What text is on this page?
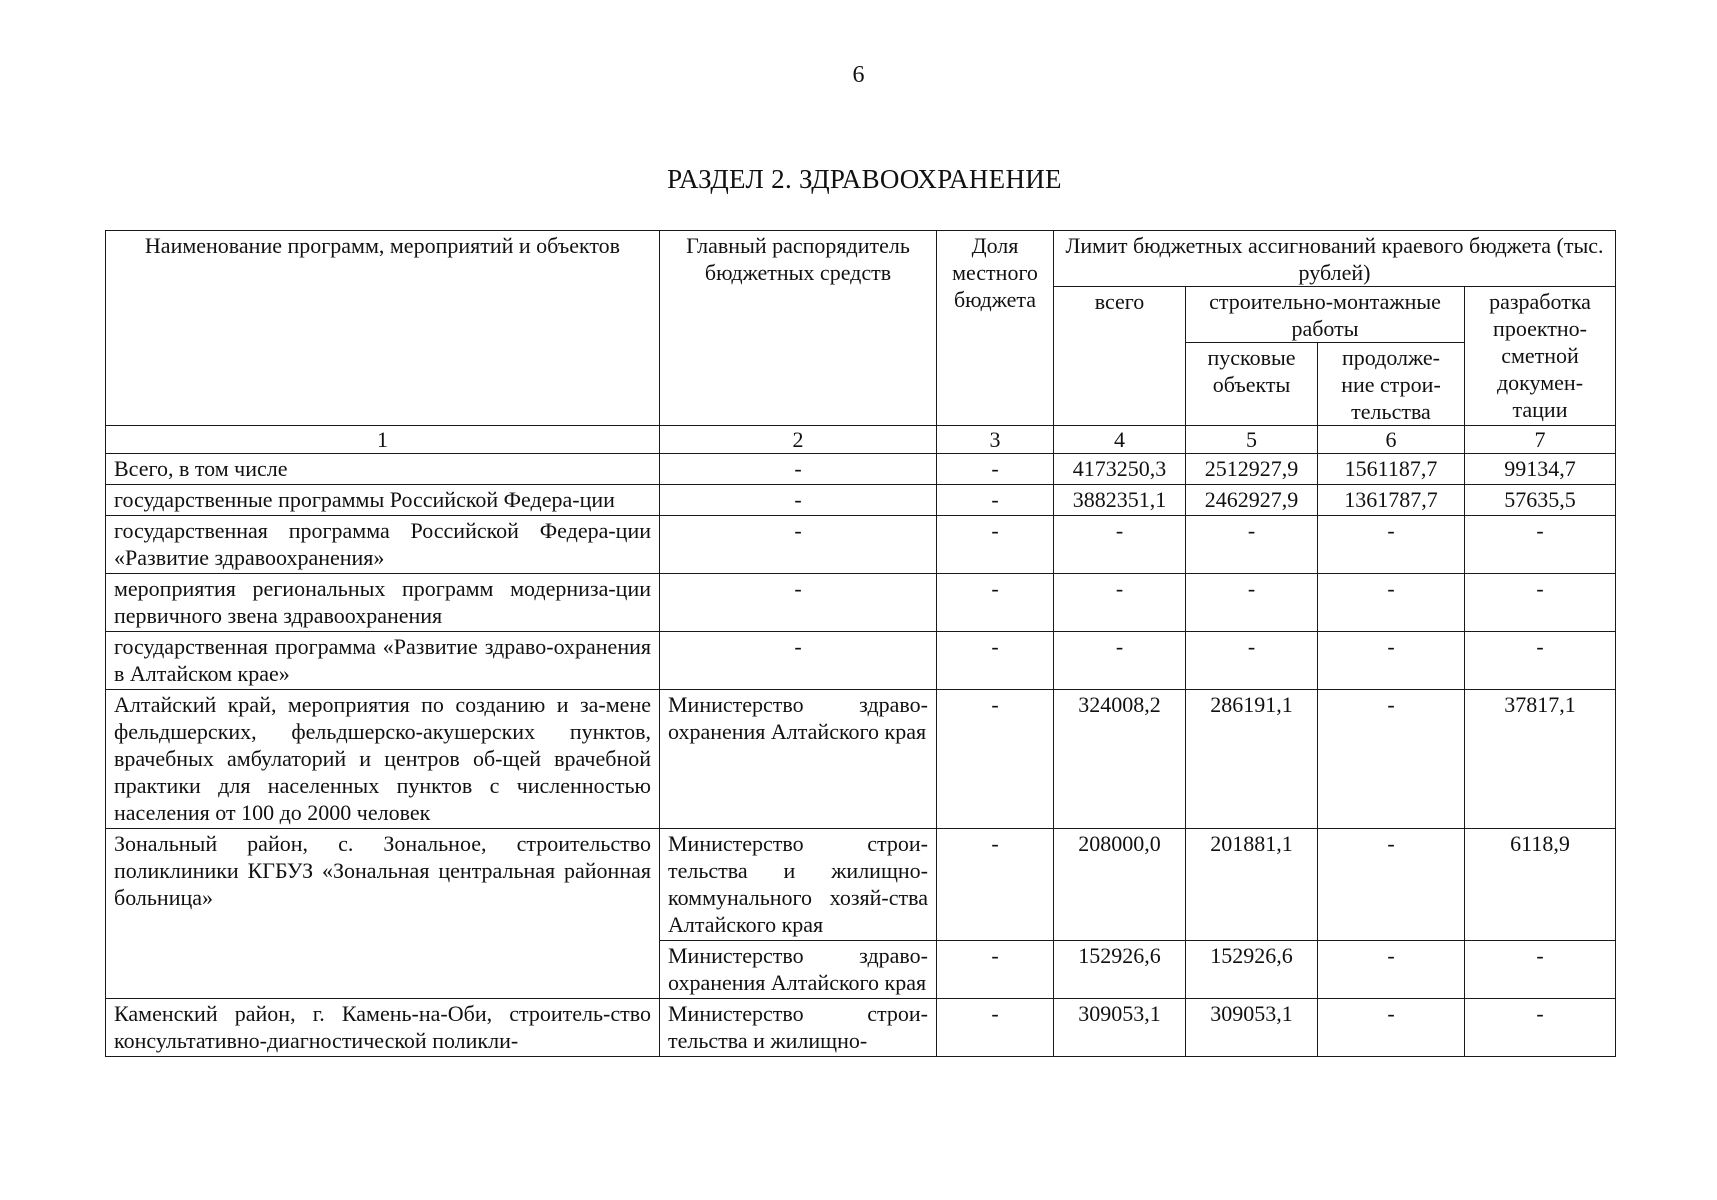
6
РАЗДЕЛ 2. ЗДРАВООХРАНЕНИЕ
Наименование программ, мероприятий и объектов	Главный распорядитель бюджетных средств	Доля местного бюджета	Лимит бюджетных ассигнований краевого бюджета (тыс. рублей)			
			всего	строительно-монтажные работы		разработка проектно-сметной докумен-тации
				пусковые объекты	продолже-ние строи-тельства	

1	2	3	4	5	6	7
Всего, в том числе	-	-	4173250,3	2512927,9	1561187,7	99134,7
государственные программы Российской Федера-ции	-	-	3882351,1	2462927,9	1361787,7	57635,5
государственная программа Российской Федера-ции «Развитие здравоохранения»	-	-	-	-	-	-
мероприятия региональных программ модерниза-ции первичного звена здравоохранения	-	-	-	-	-	-
государственная программа «Развитие здраво-охранения в Алтайском крае»	-	-	-	-	-	-
Алтайский край, мероприятия по созданию и за-мене фельдшерских, фельдшерско-акушерских пунктов, врачебных амбулаторий и центров об-щей врачебной практики для населенных пунктов с численностью населения от 100 до 2000 человек	Министерство здраво-охранения Алтайского края	-	324008,2	286191,1	-	37817,1
Зональный район, с. Зональное, строительство поликлиники КГБУЗ «Зональная центральная районная больница»	Министерство строи-тельства и жилищно-коммунального хозяй-ства Алтайского края	-	208000,0	201881,1	-	6118,9
	Министерство здраво-охранения Алтайского края	-	152926,6	152926,6	-	-
Каменский район, г. Камень-на-Оби, строитель-ство консультативно-диагностической поликли-	Министерство строи-тельства и жилищно-	-	309053,1	309053,1	-	-
